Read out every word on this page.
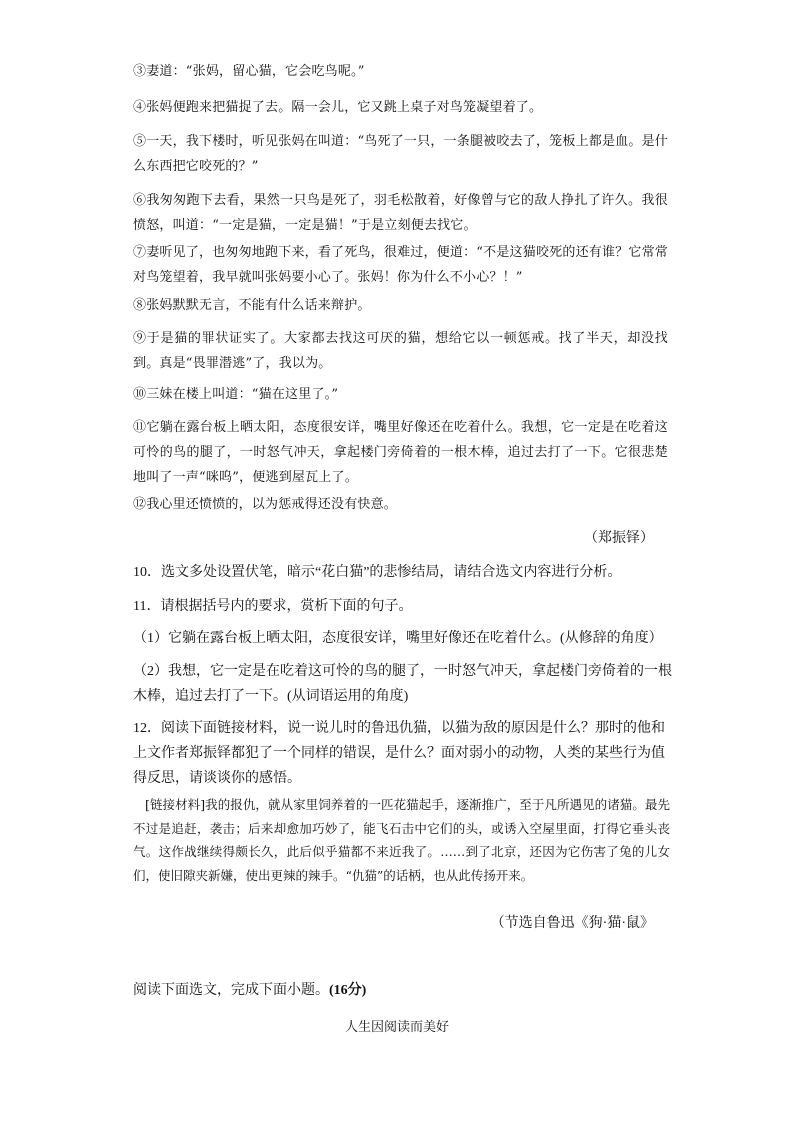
③妻道：“张妈，留心猫，它会吃鸟呢。”
④张妈便跑来把猫捉了去。隔一会儿，它又跳上桌子对鸟笼凝望着了。
⑤一天，我下楼时，听见张妈在叫道：“鸟死了一只，一条腿被咬去了，笼板上都是血。是什么东西把它咬死的？”
⑥我匆匆跑下去看，果然一只鸟是死了，羽毛松散着，好像曾与它的敌人挣扎了许久。我很愤怒，叫道：“一定是猫，一定是猫！”于是立刻便去找它。
⑦妻听见了，也匆匆地跑下来，看了死鸟，很难过，便道：“不是这猫咬死的还有谁？它常常对鸟笼望着，我早就叫张妈要小心了。张妈！你为什么不小心？！”
⑧张妈默默无言，不能有什么话来辩护。
⑨于是猫的罪状证实了。大家都去找这可厌的猫，想给它以一顿惩戒。找了半天，却没找到。真是“畏罪潜逃”了，我以为。
⑩三妹在楼上叫道：“猫在这里了。”
⑪它躺在露台板上晒太阳，态度很安详，嘴里好像还在吃着什么。我想，它一定是在吃着这可怜的鸟的腿了，一时怒气冲天，拿起楼门旁倚着的一根木棒，追过去打了一下。它很悲楚地叫了一声“咪呜”，便逃到屋瓦上了。
⑫我心里还愤愤的，以为惩戒得还没有快意。
（郑振铎）
10．选文多处设置伏笔，暗示“花白猫”的悲惨结局，请结合选文内容进行分析。
11．请根据括号内的要求，赏析下面的句子。
（1）它躺在露台板上晒太阳，态度很安详，嘴里好像还在吃着什么。(从修辞的角度）
（2）我想，它一定是在吃着这可怜的鸟的腿了，一时怒气冲天，拿起楼门旁倚着的一根木棒，追过去打了一下。(从词语运用的角度)
12．阅读下面链接材料，说一说儿时的鲁迅仇猫，以猫为敌的原因是什么？那时的他和上文作者郑振铎都犯了一个同样的错误，是什么？面对弱小的动物，人类的某些行为值得反思，请谈谈你的感悟。
[链接材料]我的报仇，就从家里饲养着的一匹花猫起手，逐渐推广，至于凡所遇见的诸猫。最先不过是追赶，袭击；后来却愈加巧妙了，能飞石击中它们的头，或诱入空屋里面，打得它垂头丧气。这作战继续得颇长久，此后似乎猫都不来近我了。……到了北京，还因为它伤害了兔的儿女们，使旧隙夹新嫌，使出更辣的辣手。“仇猫”的话柄，也从此传扬开来。
（节选自鲁迅《狗·猫·鼠》
阅读下面选文，完成下面小题。(16分)
人生因阅读而美好
